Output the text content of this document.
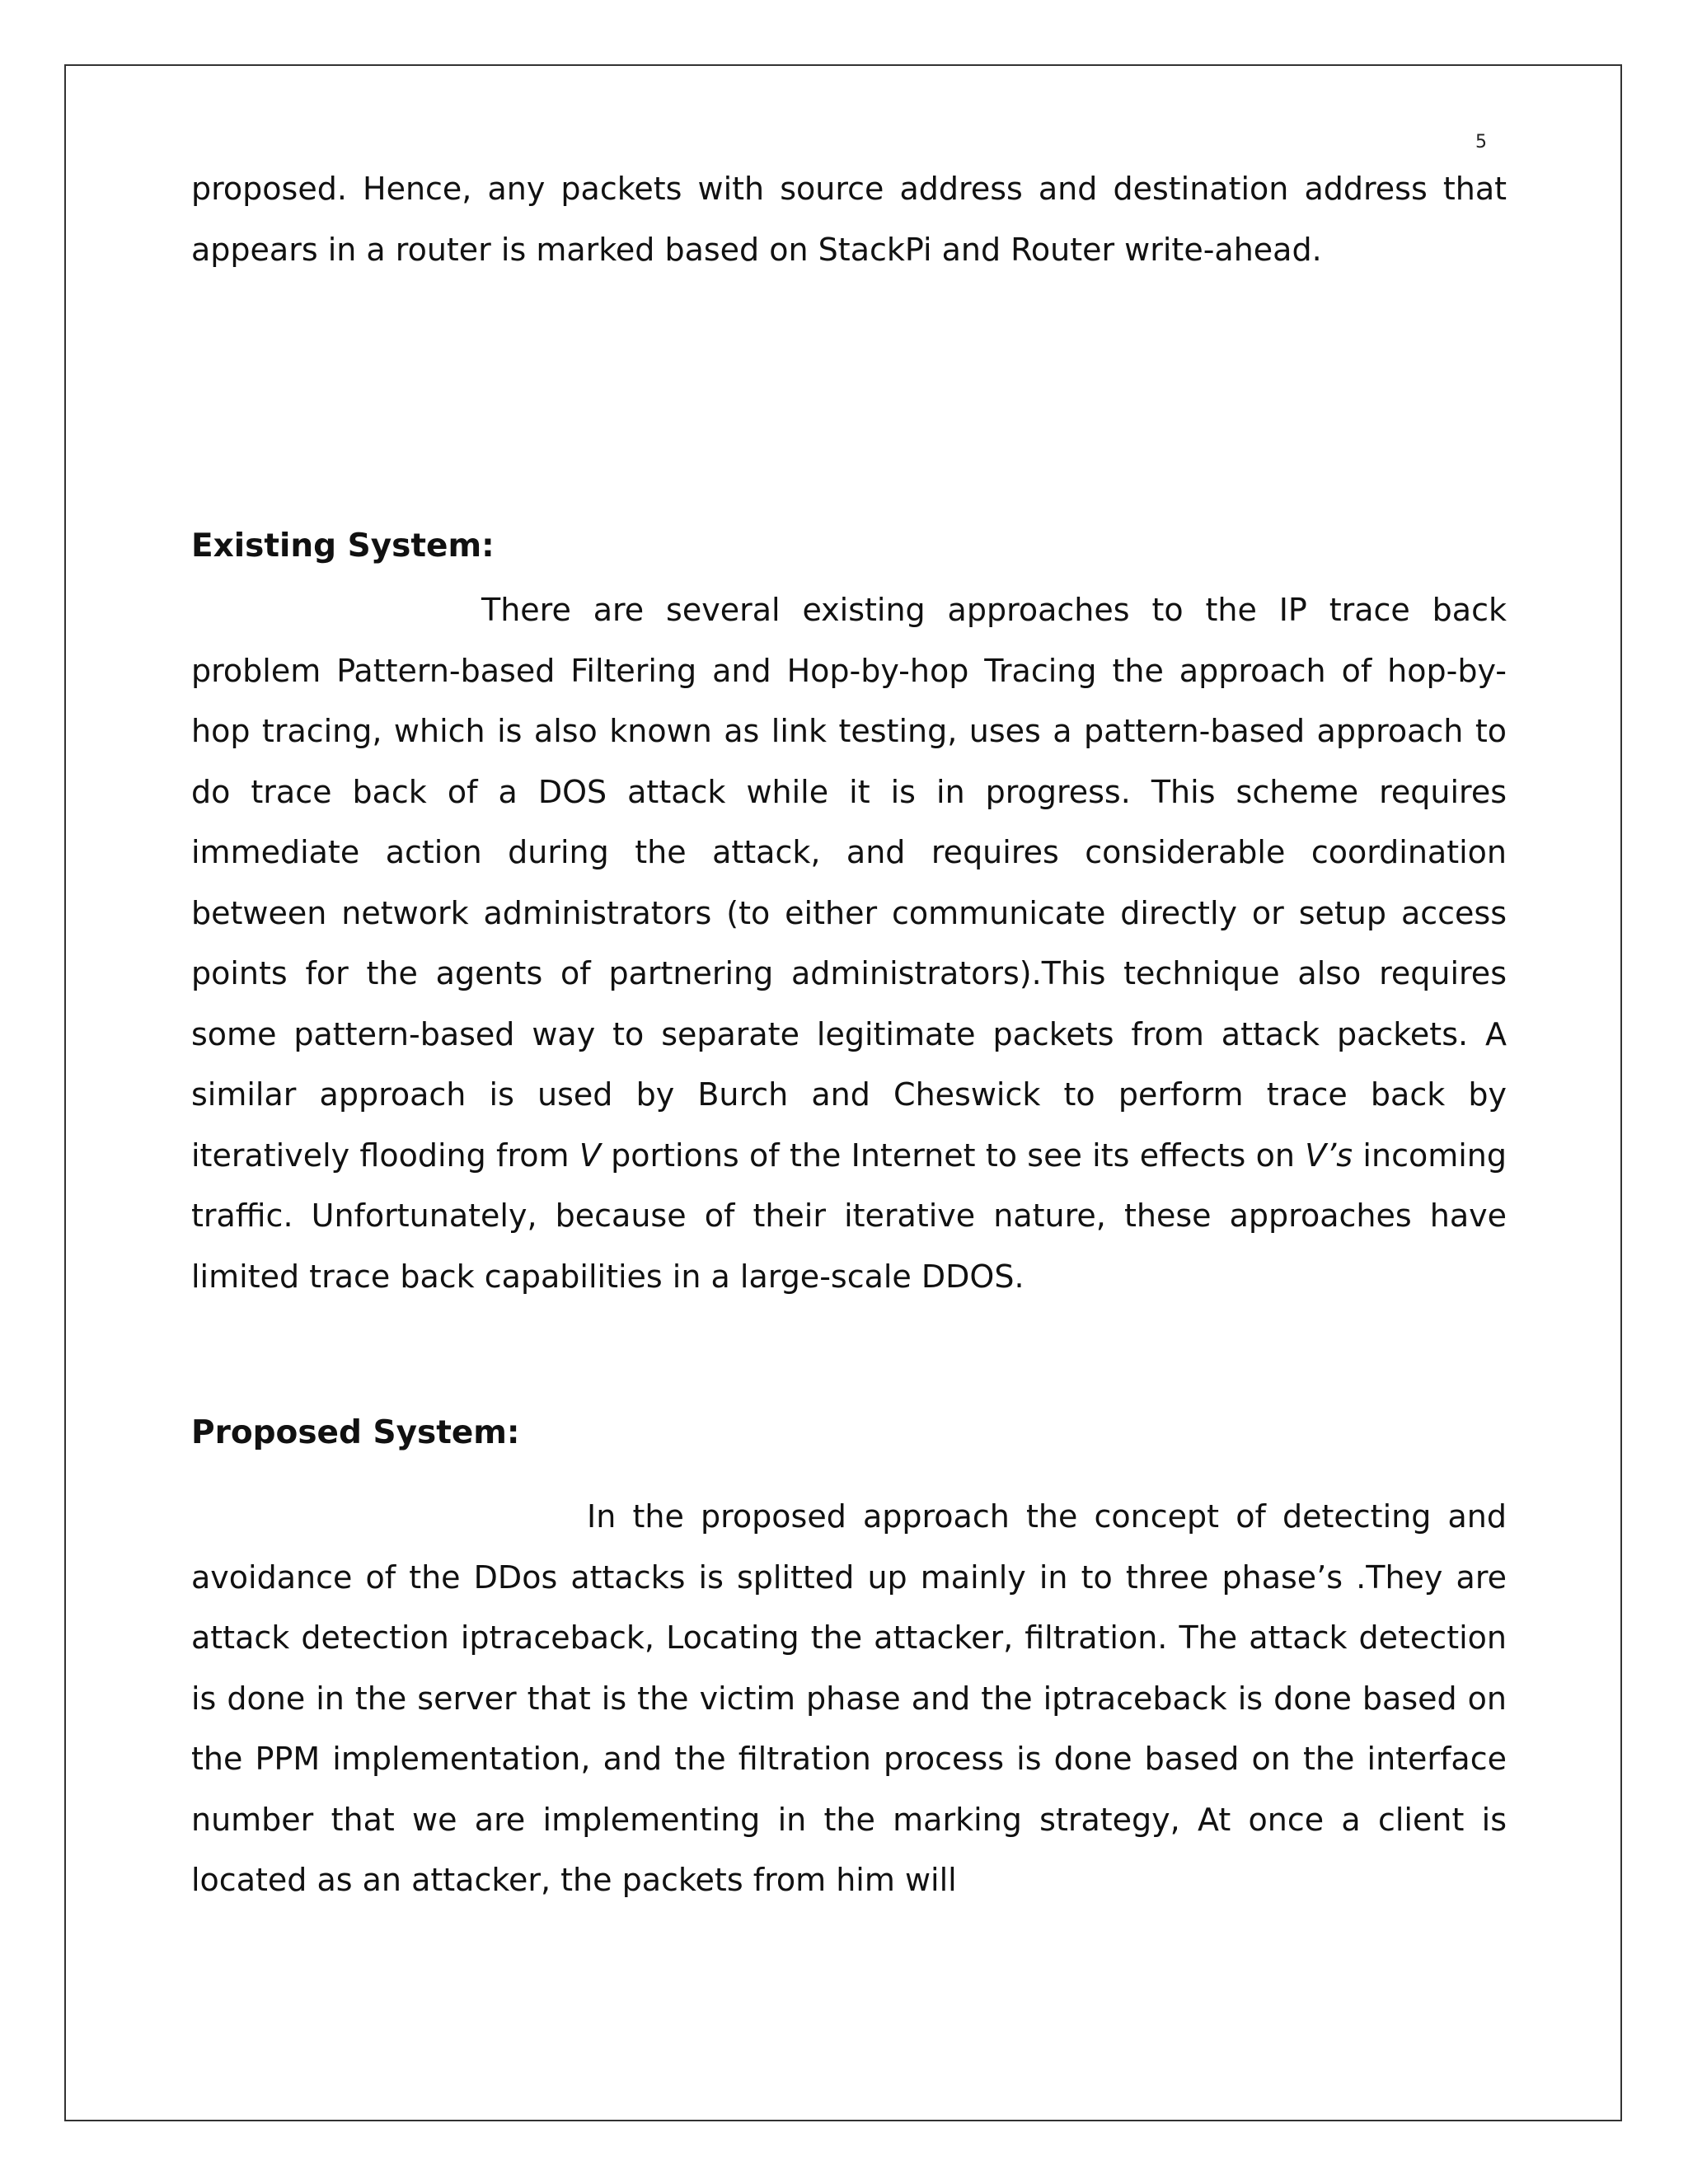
5

proposed. Hence, any packets with source address and destination address that appears in a router is marked based on StackPi and Router write-ahead.

Existing System:

There are several existing approaches to the IP trace back problem Pattern-based Filtering and Hop-by-hop Tracing the approach of hop-by-hop tracing, which is also known as link testing, uses a pattern-based approach to do trace back of a DOS attack while it is in progress. This scheme requires immediate action during the attack, and requires considerable coordination between network administrators (to either communicate directly or setup access points for the agents of partnering administrators).This technique also requires some pattern-based way to separate legitimate packets from attack packets. A similar approach is used by Burch and Cheswick to perform trace back by iteratively flooding from V portions of the Internet to see its effects on V’s incoming traffic. Unfortunately, because of their iterative nature, these approaches have limited trace back capabilities in a large-scale DDOS.

Proposed System:

In the proposed approach the concept of detecting and avoidance of the DDos attacks is splitted up mainly in to three phase’s .They are attack detection iptraceback, Locating the attacker, filtration. The attack detection is done in the server that is the victim phase and the iptraceback is done based on the PPM implementation, and the filtration process is done based on the interface number that we are implementing in the marking strategy, At once a client is located as an attacker, the packets from him will
